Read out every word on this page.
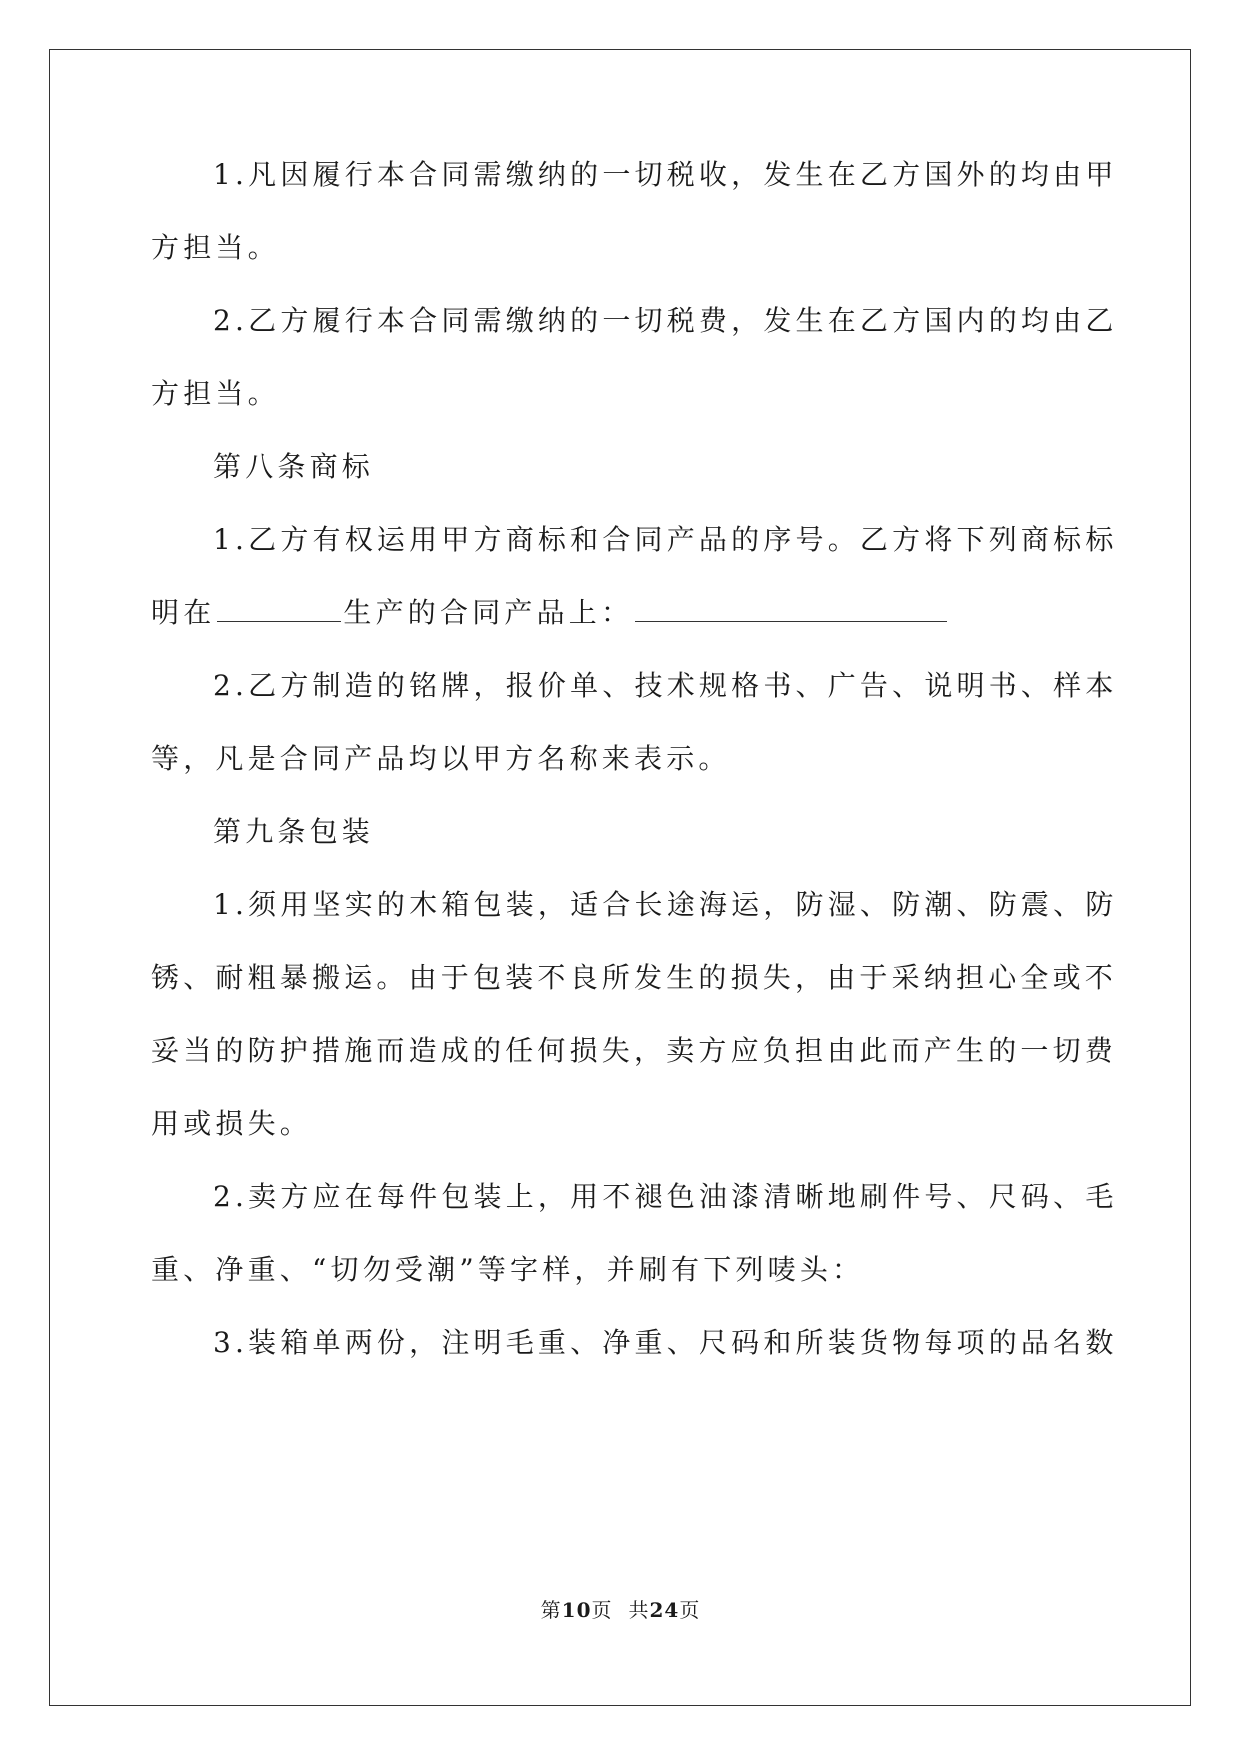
1.凡因履行本合同需缴纳的一切税收，发生在乙方国外的均由甲
方担当。
2.乙方履行本合同需缴纳的一切税费，发生在乙方国内的均由乙
方担当。
第八条商标
1.乙方有权运用甲方商标和合同产品的序号。乙方将下列商标标
明在	生产的合同产品上：
2.乙方制造的铭牌，报价单、技术规格书、广告、说明书、样本
等，凡是合同产品均以甲方名称来表示。
第九条包装
1.须用坚实的木箱包装，适合长途海运，防湿、防潮、防震、防
锈、耐粗暴搬运。由于包装不良所发生的损失，由于采纳担心全或不
妥当的防护措施而造成的任何损失，卖方应负担由此而产生的一切费
用或损失。
2.卖方应在每件包装上，用不褪色油漆清晰地刷件号、尺码、毛
重、净重、“切勿受潮”等字样，并刷有下列唛头：
3.装箱单两份，注明毛重、净重、尺码和所装货物每项的品名数
第10页 共24页
